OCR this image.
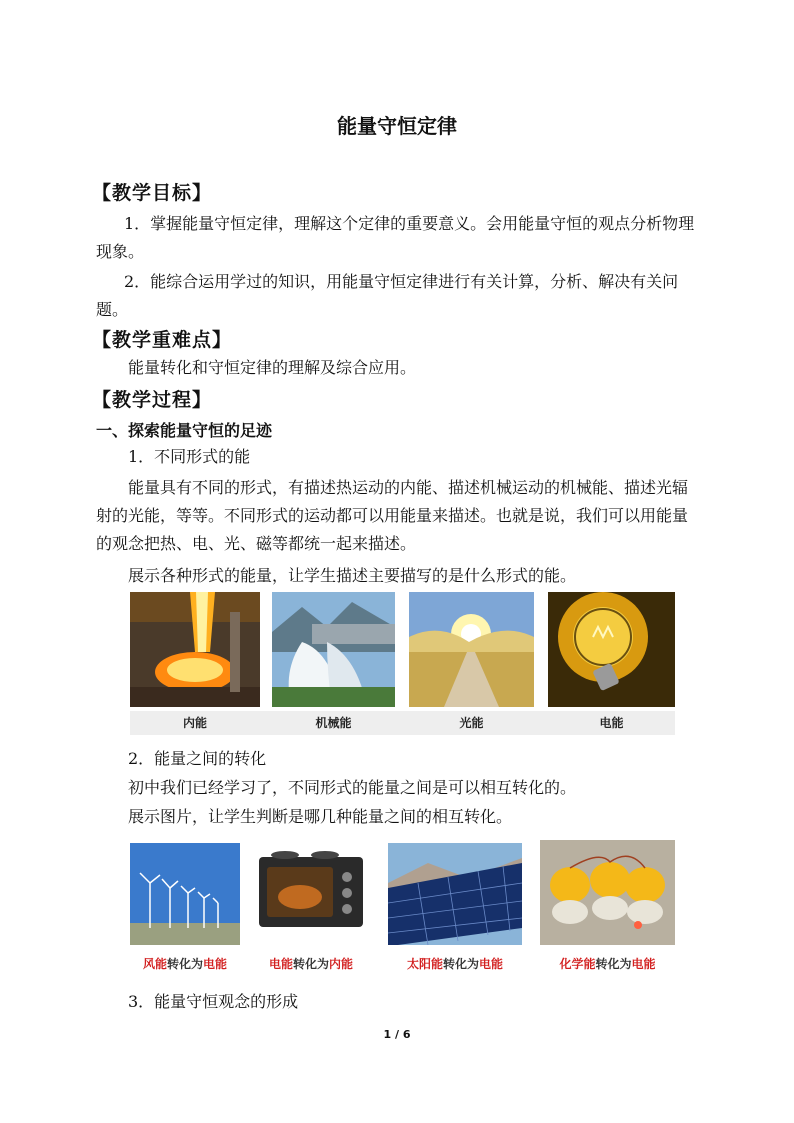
能量守恒定律
【教学目标】
1．掌握能量守恒定律，理解这个定律的重要意义。会用能量守恒的观点分析物理
现象。
2．能综合运用学过的知识，用能量守恒定律进行有关计算，分析、解决有关问
题。
【教学重难点】
能量转化和守恒定律的理解及综合应用。
【教学过程】
一、探索能量守恒的足迹
1．不同形式的能
能量具有不同的形式，有描述热运动的内能、描述机械运动的机械能、描述光辐
射的光能，等等。不同形式的运动都可以用能量来描述。也就是说，我们可以用能量
的观念把热、电、光、磁等都统一起来描述。
展示各种形式的能量，让学生描述主要描写的是什么形式的能。
内能	机械能	光能	电能
2．能量之间的转化
初中我们已经学习了，不同形式的能量之间是可以相互转化的。
展示图片，让学生判断是哪几种能量之间的相互转化。
风能转化为电能	电能转化为内能	太阳能转化为电能	化学能转化为电能
3．能量守恒观念的形成
1 / 6
